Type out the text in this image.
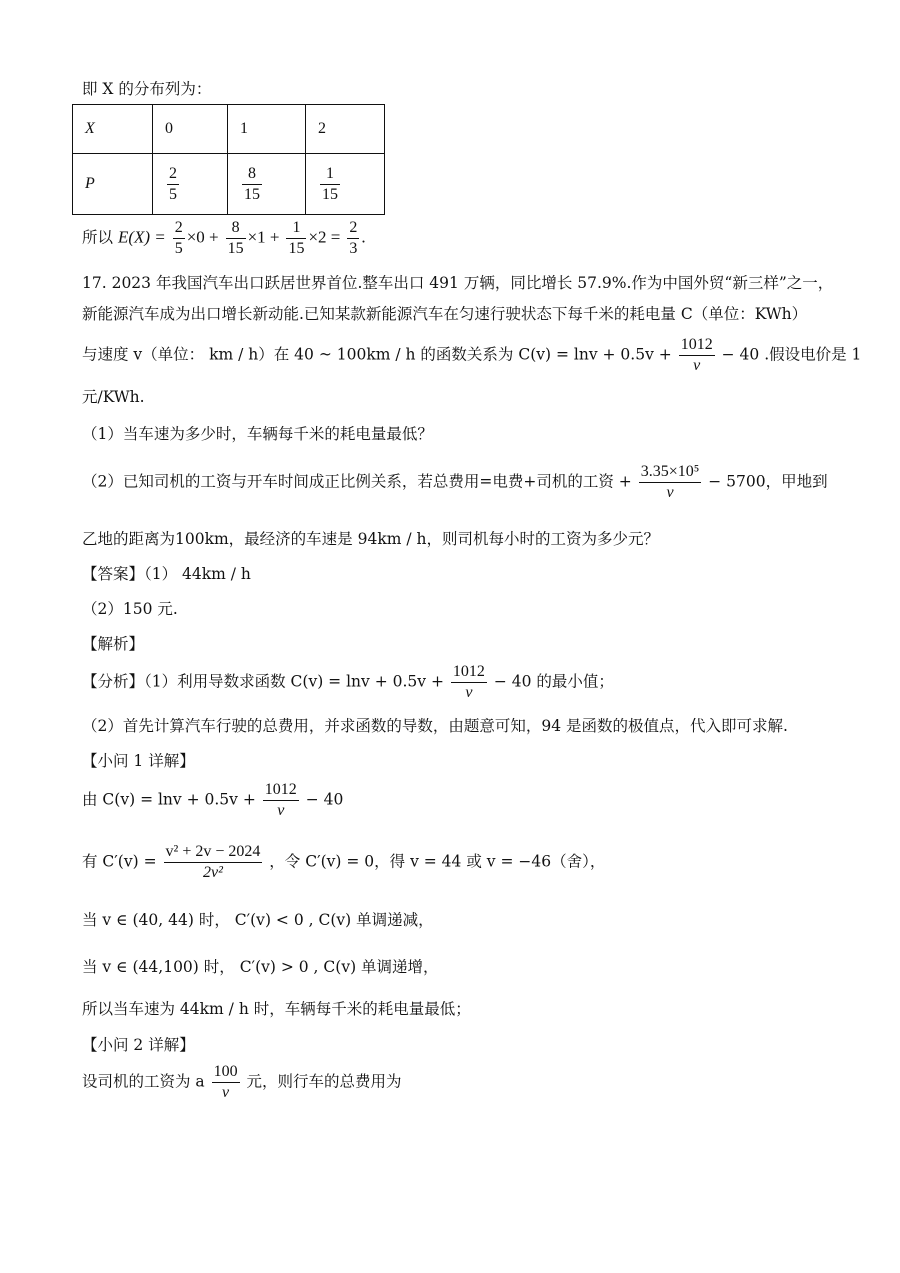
即 X 的分布列为：
X	0	1	2
P	$\frac{2}{5}$	$\frac{8}{15}$	$\frac{1}{15}$
所以 $E(X) = \frac{2}{5} \times 0 + \frac{8}{15} \times 1 + \frac{1}{15} \times 2 = \frac{2}{3}$ .
17. 2023 年我国汽车出口跃居世界首位.整车出口 491 万辆，同比增长 57.9%.作为中国外贸“新三样”之一，
新能源汽车成为出口增长新动能.已知某款新能源汽车在匀速行驶状态下每千米的耗电量 C（单位：KWh）
与速度 v（单位： km / h）在 40 ~ 100km / h 的函数关系为 $C(v) = \ln v + 0.5v + \frac{1012}{v} - 40$ .假设电价是 1
元/KWh.
（1）当车速为多少时，车辆每千米的耗电量最低？
（2）已知司机的工资与开车时间成正比例关系，若总费用=电费+司机的工资 + $\frac{\text{3.35×10⁵}}{v} - 5700$，甲地到
乙地的距离为100km，最经济的车速是 94km / h，则司机每小时的工资为多少元？
【答案】（1） 44km / h
（2）150 元.
【解析】
【分析】（1）利用导数求函数 $C(v) = \ln v + 0.5v + \frac{1012}{v} - 40$ 的最小值；
（2）首先计算汽车行驶的总费用，并求函数的导数，由题意可知，94 是函数的极值点，代入即可求解.
【小问 1 详解】
由 $C(v) = \ln v + 0.5v + \frac{1012}{v} - 40$
有 $C'(v) = \frac{\text{v² + 2v − 2024}}{\text{2v²}}$ ，令 C′(v) = 0，得 v = 44 或 v = −46（舍），
当 v ∈ (40, 44) 时， C′(v) < 0 , C(v) 单调递减，
当 v ∈ (44,100) 时， C′(v) > 0 , C(v) 单调递增，
所以当车速为 44km / h 时，车辆每千米的耗电量最低；
【小问 2 详解】
设司机的工资为 a $\frac{100}{v}$ 元，则行车的总费用为
